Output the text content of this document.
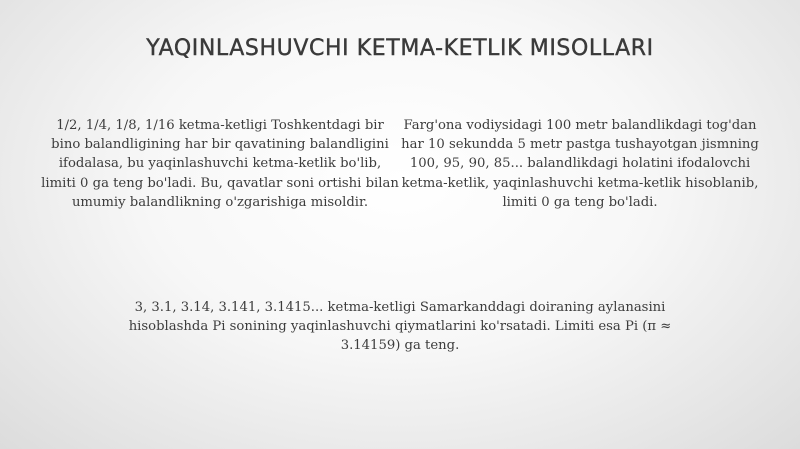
YAQINLASHUVCHI KETMA-KETLIK MISOLLARI

1/2, 1/4, 1/8, 1/16 ketma-ketligi Toshkentdagi bir bino balandligining har bir qavatining balandligini ifodalasa, bu yaqinlashuvchi ketma-ketlik bo'lib, limiti 0 ga teng bo'ladi. Bu, qavatlar soni ortishi bilan umumiy balandlikning o'zgarishiga misoldir.

Farg'ona vodiysidagi 100 metr balandlikdagi tog'dan har 10 sekundda 5 metr pastga tushayotgan jismning 100, 95, 90, 85... balandlikdagi holatini ifodalovchi ketma-ketlik, yaqinlashuvchi ketma-ketlik hisoblanib, limiti 0 ga teng bo'ladi.

3, 3.1, 3.14, 3.141, 3.1415... ketma-ketligi Samarkanddagi doiraning aylanasini hisoblashda Pi sonining yaqinlashuvchi qiymatlarini ko'rsatadi. Limiti esa Pi (π ≈ 3.14159) ga teng.
